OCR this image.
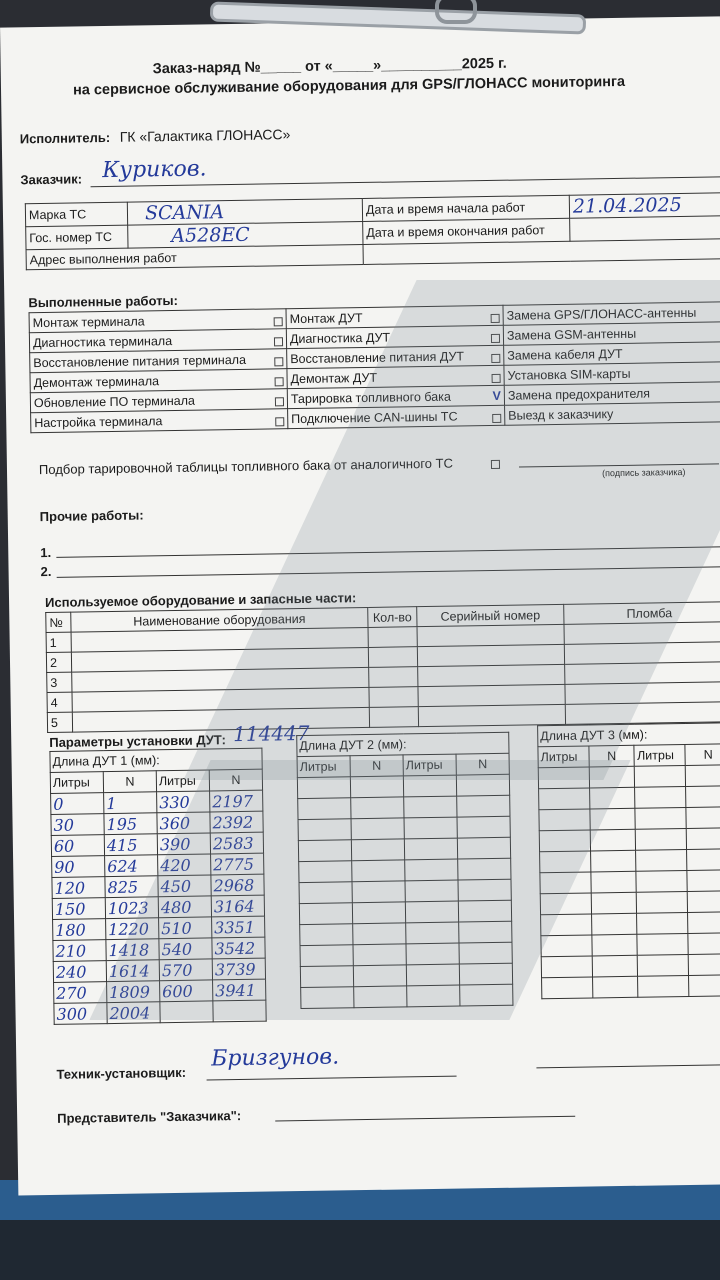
Заказ-наряд №_____ от «_____»__________2025 г.
на сервисное обслуживание оборудования для GPS/ГЛОНАСС мониторинга
Исполнитель: ГК «Галактика ГЛОНАСС»
Заказчик: Куриков.
Марка ТС	SCANIA	Дата и время начала работ	21.04.2025
Гос. номер ТС	A528EC	Дата и время окончания работ	
Адрес выполнения работ			
Выполненные работы:
Монтаж терминала	Монтаж ДУТ	Замена GPS/ГЛОНАСС-антенны
Диагностика терминала	Диагностика ДУТ	Замена GSM-антенны
Восстановление питания терминала	Восстановление питания ДУТ	Замена кабеля ДУТ
Демонтаж терминала	Демонтаж ДУТ	Установка SIM-карты
Обновление ПО терминала	Тарировка топливного бака V	Замена предохранителя
Настройка терминала	Подключение CAN-шины ТС	Выезд к заказчику
Подбор тарировочной таблицы топливного бака от аналогичного ТС	(подпись заказчика)
Прочие работы:
1.
2.
Используемое оборудование и запасные части:
№	Наименование оборудования	Кол-во	Серийный номер	Пломба
1				
2				
3				
4				
5				
Параметры установки ДУТ: 114447
Длина ДУТ 1 (мм):			
Литры	N	Литры	N
0	1	330	2197
30	195	360	2392
60	415	390	2583
90	624	420	2775
120	825	450	2968
150	1023	480	3164
180	1220	510	3351
210	1418	540	3542
240	1614	570	3739
270	1809	600	3941
300	2004		
Длина ДУТ 2 (мм):			
Литры	N	Литры	N

Длина ДУТ 3 (мм):			
Литры	N	Литры	N

Техник-установщик:
Бризгунов.
Представитель "Заказчика":
